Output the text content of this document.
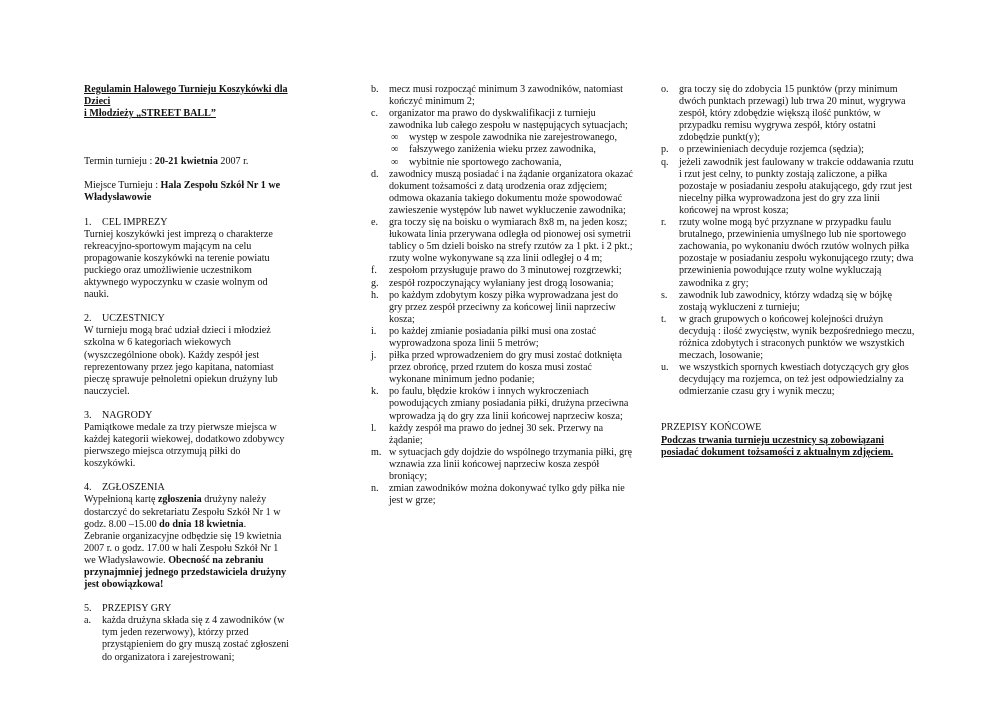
Regulamin Halowego Turnieju Koszykówki dla Dzieci
i Młodzieży „STREET BALL”

Termin turnieju : 20-21 kwietnia 2007 r.

Miejsce Turnieju : Hala Zespołu Szkół Nr 1 we Władysławowie

1.	CEL IMPREZY

Turniej koszykówki jest imprezą o charakterze rekreacyjno-sportowym mającym na celu propagowanie koszykówki na terenie powiatu puckiego oraz umożliwienie uczestnikom aktywnego wypoczynku w czasie wolnym od nauki.

2.	UCZESTNICY

W turnieju mogą brać udział dzieci i młodzież szkolna w 6 kategoriach wiekowych (wyszczególnione obok). Każdy zespół jest reprezentowany przez jego kapitana, natomiast pieczę sprawuje pełnoletni opiekun drużyny lub nauczyciel.

3.	NAGRODY

Pamiątkowe medale za trzy pierwsze miejsca w każdej kategorii wiekowej, dodatkowo zdobywcy pierwszego miejsca otrzymują piłki do koszykówki.

4.	ZGŁOSZENIA

Wypełnioną kartę zgłoszenia drużyny należy dostarczyć do sekretariatu Zespołu Szkół Nr 1 w godz. 8.00 –15.00 do dnia 18 kwietnia.
Zebranie organizacyjne odbędzie się 19 kwietnia 2007 r. o godz. 17.00 w hali Zespołu Szkół Nr 1 we Władysławowie. Obecność na zebraniu przynajmniej jednego przedstawiciela drużyny jest obowiązkowa!

5.	PRZEPISY GRY
a.	każda drużyna składa się z 4 zawodników (w tym jeden rezerwowy), którzy przed przystąpieniem do gry muszą zostać zgłoszeni do organizatora i zarejestrowani;
b.	mecz musi rozpocząć minimum 3 zawodników, natomiast kończyć minimum 2;
c.	organizator ma prawo do dyskwalifikacji z turnieju zawodnika lub całego zespołu w następujących sytuacjach;
∞	występ w zespole zawodnika nie zarejestrowanego,
∞	fałszywego zaniżenia wieku przez zawodnika,
∞	wybitnie nie sportowego zachowania,
d.	zawodnicy muszą posiadać i na żądanie organizatora okazać dokument tożsamości z datą urodzenia oraz zdjęciem; odmowa okazania takiego dokumentu może spowodować zawieszenie występów lub nawet wykluczenie zawodnika;
e.	gra toczy się na boisku o wymiarach 8x8 m, na jeden kosz; łukowata linia przerywana odległa od pionowej osi symetrii tablicy o 5m dzieli boisko na strefy rzutów za 1 pkt. i 2 pkt.; rzuty wolne wykonywane są zza linii odległej o 4 m;
f.	zespołom przysługuje prawo do 3 minutowej rozgrzewki;
g.	zespół rozpoczynający wyłaniany jest drogą losowania;
h.	po każdym zdobytym koszy piłka wyprowadzana jest do gry przez zespół przeciwny za końcowej linii naprzeciw kosza;
i.	po każdej zmianie posiadania piłki musi ona zostać wyprowadzona spoza linii 5 metrów;
j.	piłka przed wprowadzeniem do gry musi zostać dotknięta przez obrońcę, przed rzutem do kosza musi zostać wykonane minimum jedno podanie;
k.	po faulu, błędzie kroków i innych wykroczeniach powodujących zmiany posiadania piłki, drużyna przeciwna wprowadza ją do gry zza linii końcowej naprzeciw kosza;
l.	każdy zespół ma prawo do jednej 30 sek. Przerwy na żądanie;
m. w sytuacjach gdy dojdzie do wspólnego trzymania piłki, grę wznawia zza linii końcowej naprzeciw kosza zespół broniący;
n.	zmian zawodników można dokonywać tylko gdy piłka nie jest w grze;
o.	gra toczy się do zdobycia 15 punktów (przy minimum dwóch punktach przewagi) lub trwa 20 minut, wygrywa zespół, który zdobędzie większą ilość punktów, w przypadku remisu wygrywa zespół, który ostatni zdobędzie punkt(y);
p.	o przewinieniach decyduje rozjemca (sędzia);
q.	jeżeli zawodnik jest faulowany w trakcie oddawania rzutu i rzut jest celny, to punkty zostają zaliczone, a piłka pozostaje w posiadaniu zespołu atakującego, gdy rzut jest niecelny piłka wyprowadzona jest do gry zza linii końcowej na wprost kosza;
r.	rzuty wolne mogą być przyznane w przypadku faulu brutalnego, przewinienia umyślnego lub nie sportowego zachowania, po wykonaniu dwóch rzutów wolnych piłka pozostaje w posiadaniu zespołu wykonującego rzuty; dwa przewinienia powodujące rzuty wolne wykluczają zawodnika z gry;
s.	zawodnik lub zawodnicy, którzy wdadzą się w bójkę zostają wykluczeni z turnieju;
t.	w grach grupowych o końcowej kolejności drużyn decydują : ilość zwycięstw, wynik bezpośredniego meczu, różnica zdobytych i straconych punktów we wszystkich meczach, losowanie;
u.	we wszystkich spornych kwestiach dotyczących gry głos decydujący ma rozjemca, on też jest odpowiedzialny za odmierzanie czasu gry i wynik meczu;

PRZEPISY KOŃCOWE

Podczas trwania turnieju uczestnicy są zobowiązani posiadać dokument tożsamości z aktualnym zdjęciem.
